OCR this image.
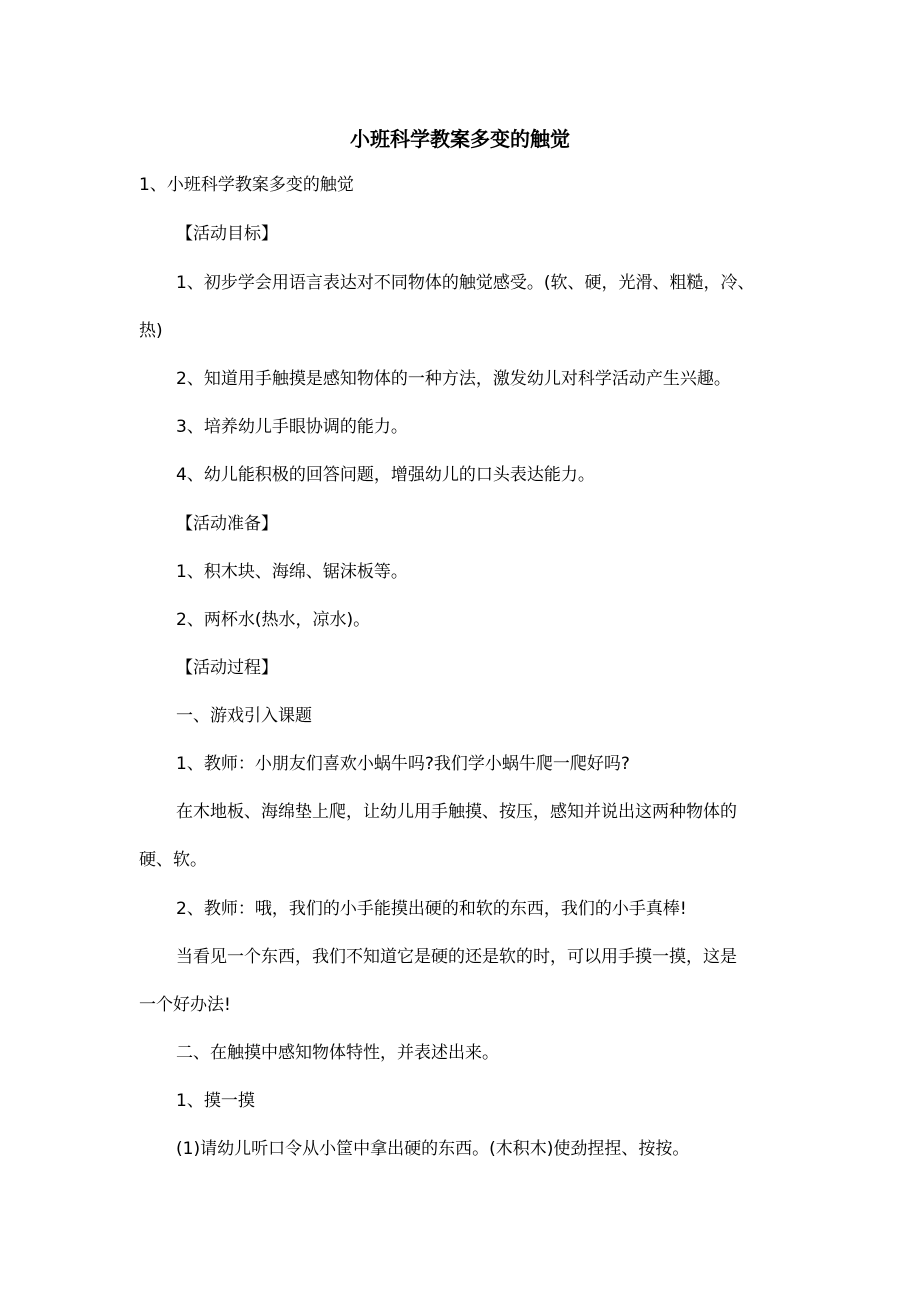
小班科学教案多变的触觉

1、小班科学教案多变的触觉

【活动目标】

1、初步学会用语言表达对不同物体的触觉感受。(软、硬，光滑、粗糙，冷、

热)

2、知道用手触摸是感知物体的一种方法，激发幼儿对科学活动产生兴趣。

3、培养幼儿手眼协调的能力。

4、幼儿能积极的回答问题，增强幼儿的口头表达能力。

【活动准备】

1、积木块、海绵、锯沫板等。

2、两杯水(热水，凉水)。

【活动过程】

一、游戏引入课题

1、教师：小朋友们喜欢小蜗牛吗?我们学小蜗牛爬一爬好吗?

在木地板、海绵垫上爬，让幼儿用手触摸、按压，感知并说出这两种物体的

硬、软。

2、教师：哦，我们的小手能摸出硬的和软的东西，我们的小手真棒!

当看见一个东西，我们不知道它是硬的还是软的时，可以用手摸一摸，这是

一个好办法!

二、在触摸中感知物体特性，并表述出来。

1、摸一摸

(1)请幼儿听口令从小筐中拿出硬的东西。(木积木)使劲捏捏、按按。
